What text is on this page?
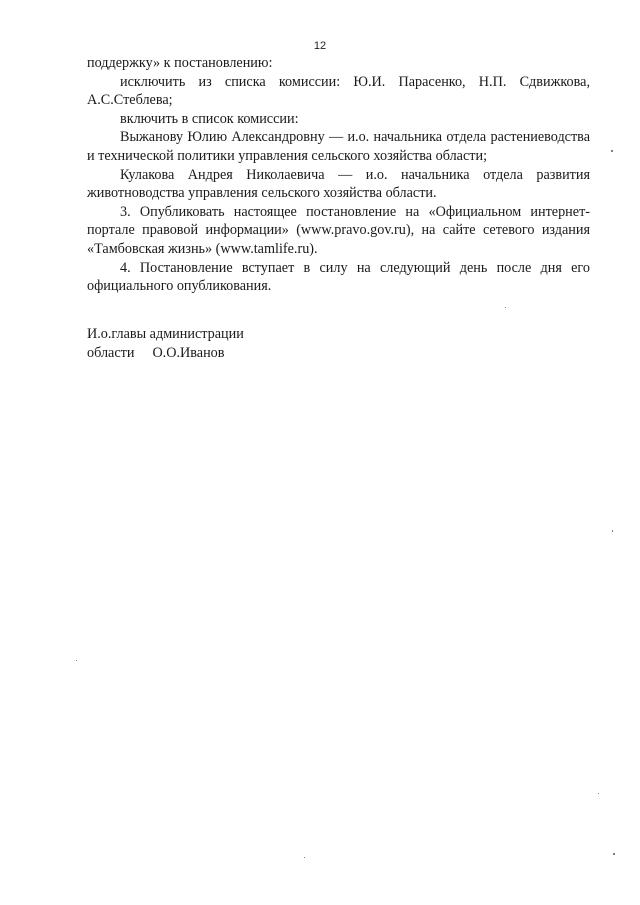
12

поддержку» к постановлению:

исключить из списка комиссии: Ю.И. Парасенко, Н.П. Сдвижкова, А.С.Стеблева;

включить в список комиссии:

Выжанову Юлию Александровну — и.о. начальника отдела растениеводства и технической политики управления сельского хозяйства области;

Кулакова Андрея Николаевича — и.о. начальника отдела развития животноводства управления сельского хозяйства области.

3. Опубликовать настоящее постановление на «Официальном интернет-портале правовой информации» (www.pravo.gov.ru), на сайте сетевого издания «Тамбовская жизнь» (www.tamlife.ru).

4. Постановление вступает в силу на следующий день после дня его официального опубликования.

И.о.главы администрации
области О.О.Иванов
